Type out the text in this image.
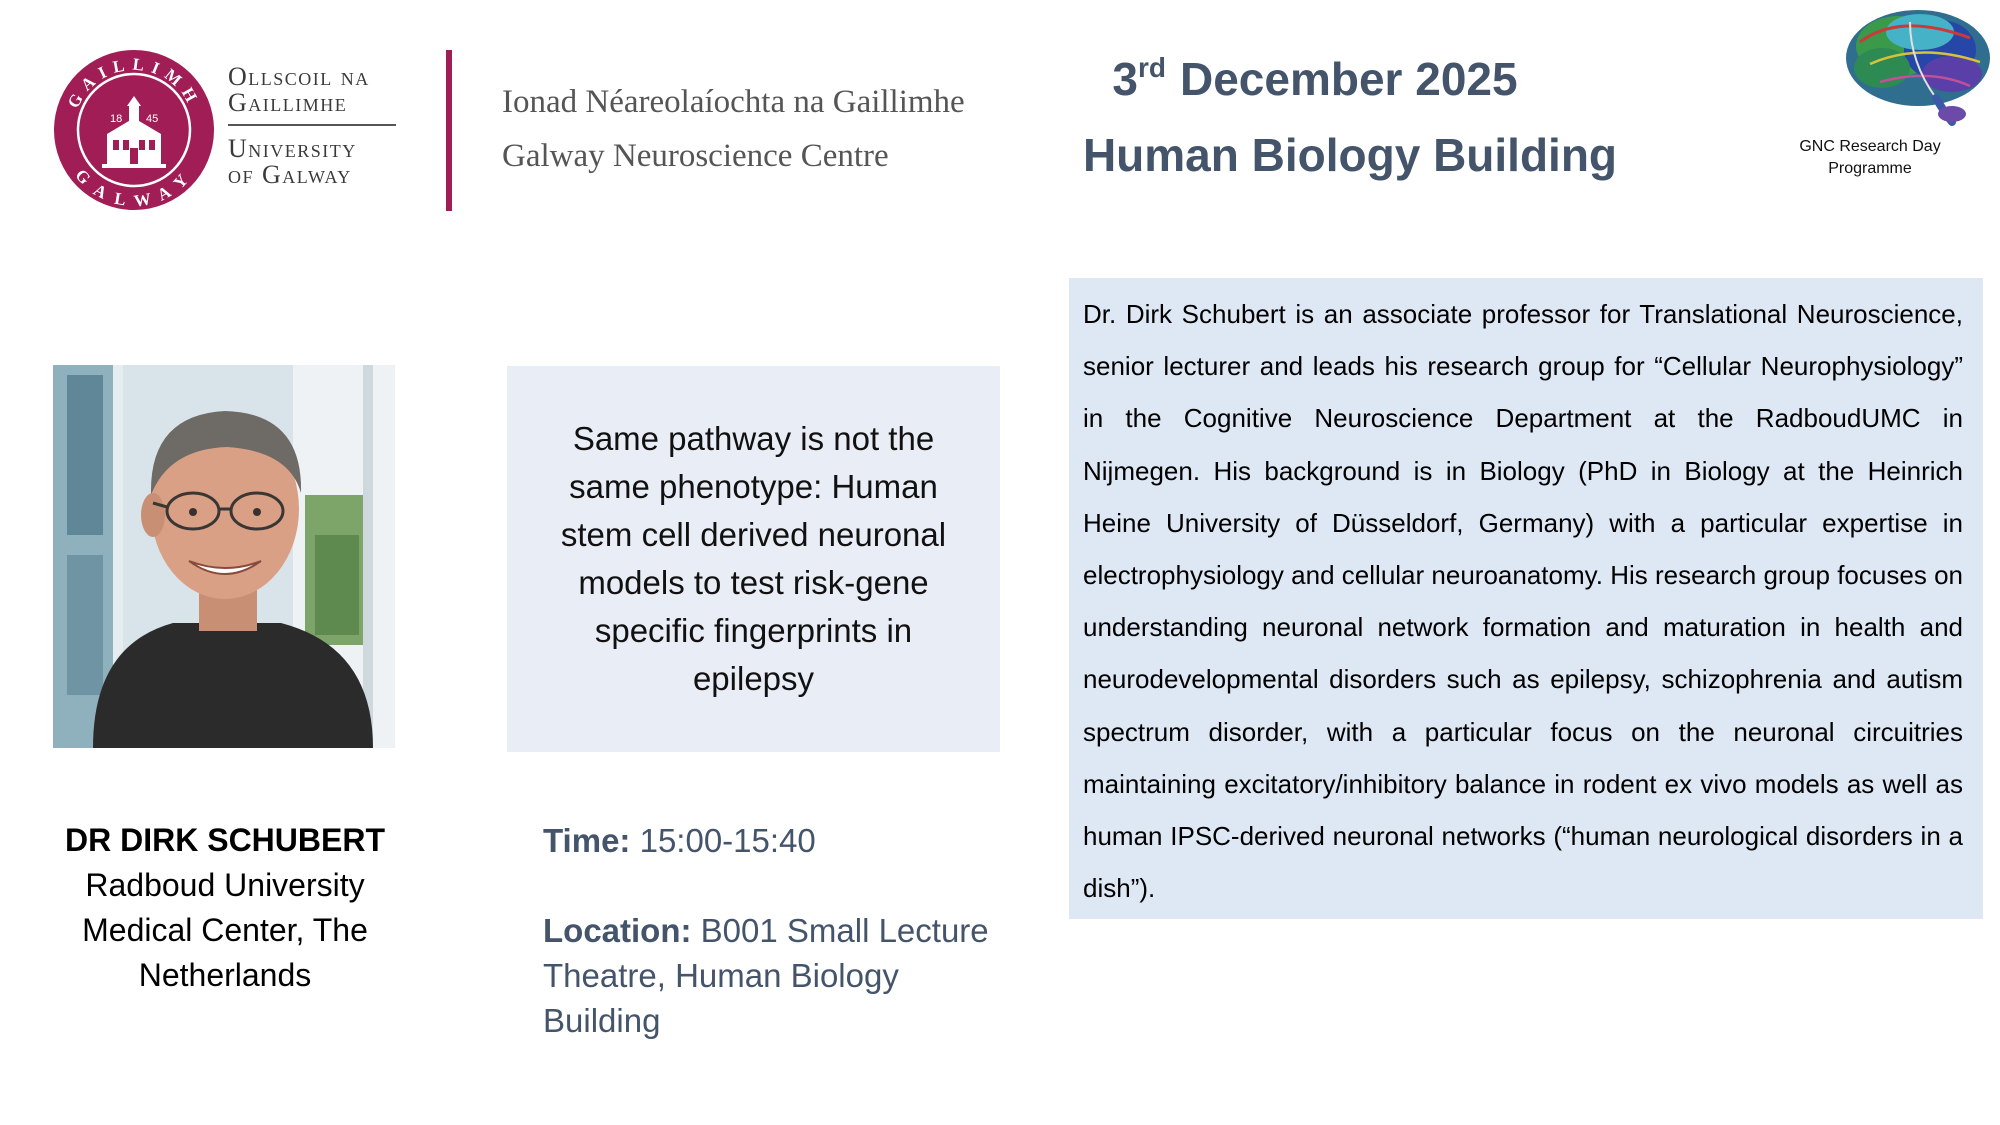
GAILLIMH
GALWAY
18 45
Ollscoil na
Gaillimhe
University
of Galway
Ionad Néareolaíochta na Gaillimhe
Galway Neuroscience Centre
3rd December 2025
Human Biology Building	GNC Research Day Programme
Same pathway is not the same phenotype: Human stem cell derived neuronal models to test risk-gene specific fingerprints in epilepsy
DR DIRK SCHUBERT
Radboud University Medical Center, The Netherlands
Time: 15:00-15:40
Location: B001 Small Lecture Theatre, Human Biology Building
Dr. Dirk Schubert is an associate professor for Translational Neuroscience, senior lecturer and leads his research group for “Cellular Neurophysiology” in the Cognitive Neuroscience Department at the RadboudUMC in Nijmegen. His background is in Biology (PhD in Biology at the Heinrich Heine University of Düsseldorf, Germany) with a particular expertise in electrophysiology and cellular neuroanatomy. His research group focuses on understanding neuronal network formation and maturation in health and neurodevelopmental disorders such as epilepsy, schizophrenia and autism spectrum disorder, with a particular focus on the neuronal circuitries maintaining excitatory/inhibitory balance in rodent ex vivo models as well as human IPSC-derived neuronal networks (“human neurological disorders in a dish”).
